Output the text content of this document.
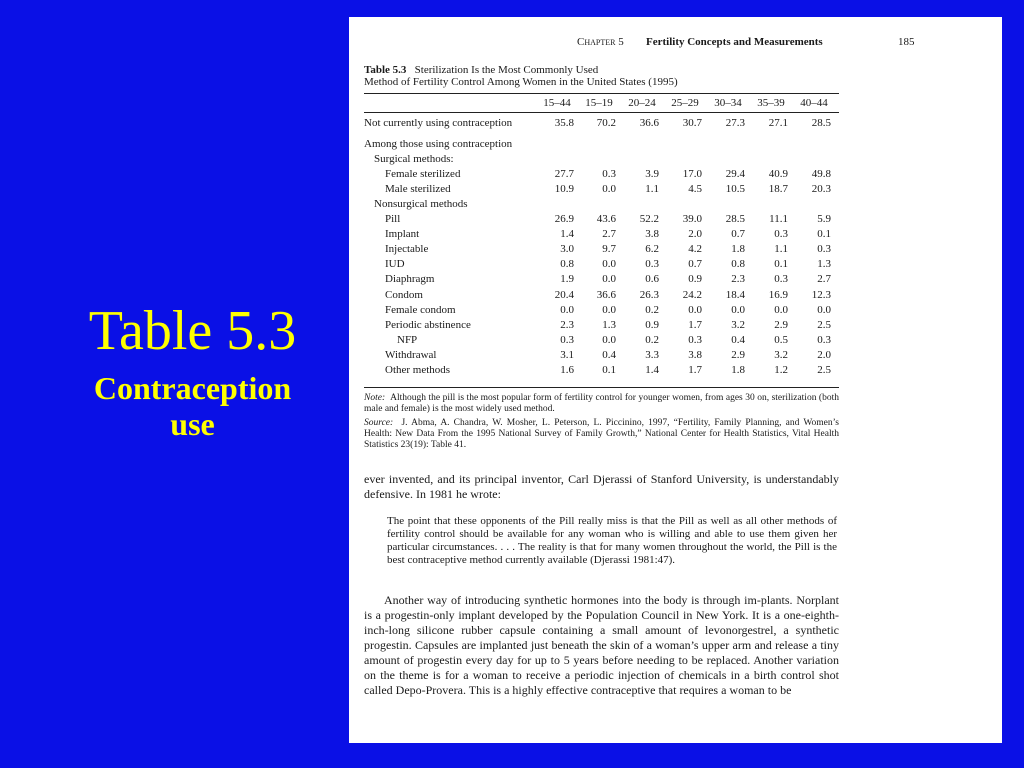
Table 5.3
Contraception
use
Chapter 5 Fertility Concepts and Measurements	185
Table 5.3 Sterilization Is the Most Commonly Used
Method of Fertility Control Among Women in the United States (1995)
15–44 15–19 20–24 25–29 30–34 35–39 40–44
Not currently using contraception	35.8	70.2	36.6	30.7	27.3	27.1	28.5
Among those using contraception
Surgical methods:
Female sterilized	27.7	0.3	3.9	17.0	29.4	40.9	49.8
Male sterilized	10.9	0.0	1.1	4.5	10.5	18.7	20.3
Nonsurgical methods
Pill	26.9	43.6	52.2	39.0	28.5	11.1	5.9
Implant	1.4	2.7	3.8	2.0	0.7	0.3	0.1
Injectable	3.0	9.7	6.2	4.2	1.8	1.1	0.3
IUD	0.8	0.0	0.3	0.7	0.8	0.1	1.3
Diaphragm	1.9	0.0	0.6	0.9	2.3	0.3	2.7
Condom	20.4	36.6	26.3	24.2	18.4	16.9	12.3
Female condom	0.0	0.0	0.2	0.0	0.0	0.0	0.0
Periodic abstinence	2.3	1.3	0.9	1.7	3.2	2.9	2.5
NFP	0.3	0.0	0.2	0.3	0.4	0.5	0.3
Withdrawal	3.1	0.4	3.3	3.8	2.9	3.2	2.0
Other methods	1.6	0.1	1.4	1.7	1.8	1.2	2.5
Note: Although the pill is the most popular form of fertility control for younger women, from ages 30 on, sterilization (both male and female) is the most widely used method.
Source: J. Abma, A. Chandra, W. Mosher, L. Peterson, L. Piccinino, 1997, “Fertility, Family Planning, and Women’s Health: New Data From the 1995 National Survey of Family Growth,” National Center for Health Statistics, Vital Health Statistics 23(19): Table 41.
ever invented, and its principal inventor, Carl Djerassi of Stanford University, is understandably defensive. In 1981 he wrote:
The point that these opponents of the Pill really miss is that the Pill as well as all other methods of fertility control should be available for any woman who is willing and able to use them given her particular circumstances. . . . The reality is that for many women throughout the world, the Pill is the best contraceptive method currently available (Djerassi 1981:47).
Another way of introducing synthetic hormones into the body is through im-plants. Norplant is a progestin-only implant developed by the Population Council in New York. It is a one-eighth-inch-long silicone rubber capsule containing a small amount of levonorgestrel, a synthetic progestin. Capsules are implanted just beneath the skin of a woman’s upper arm and release a tiny amount of progestin every day for up to 5 years before needing to be replaced. Another variation on the theme is for a woman to receive a periodic injection of chemicals in a birth control shot called Depo-Provera. This is a highly effective contraceptive that requires a woman to be
